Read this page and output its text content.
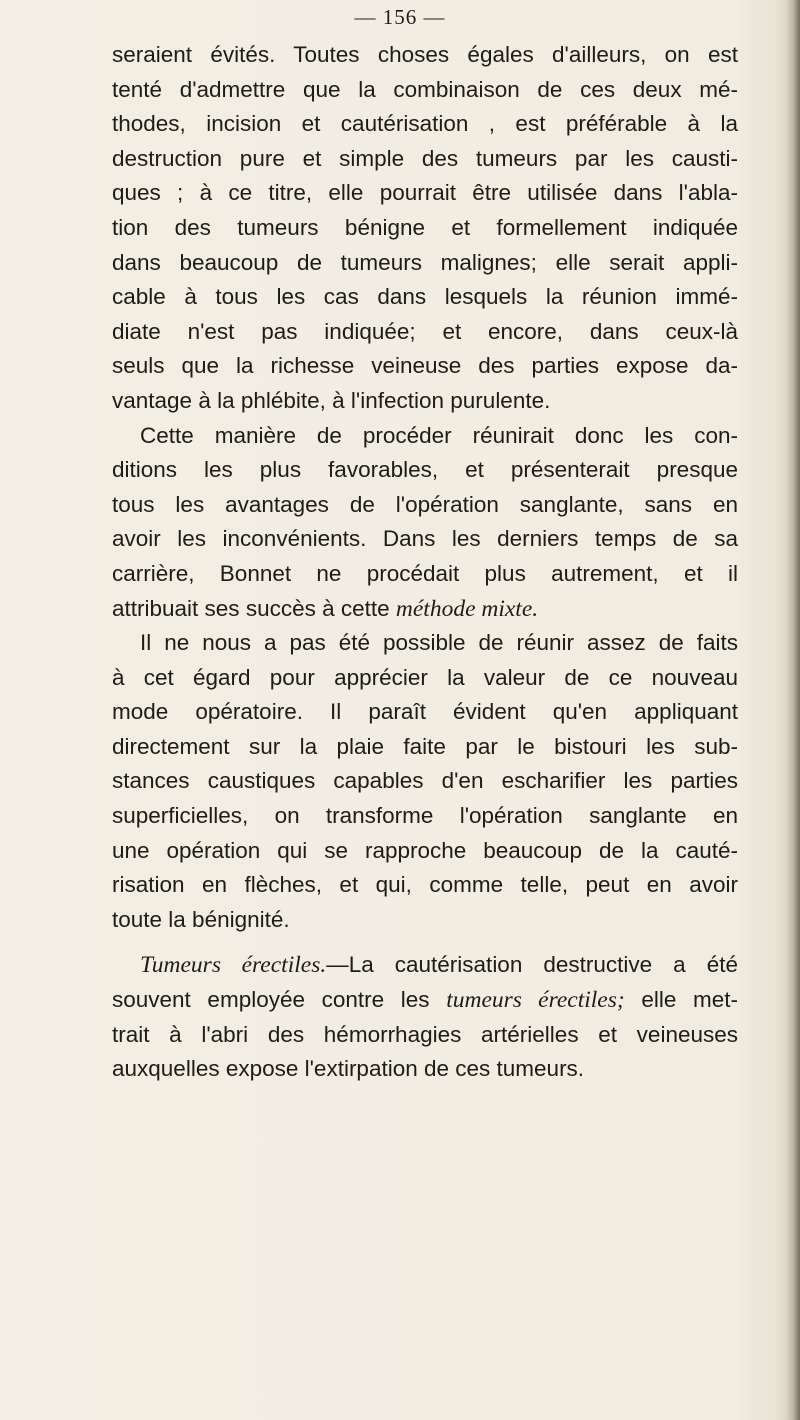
— 156 —
seraient évités. Toutes choses égales d'ailleurs, on est
tenté d'admettre que la combinaison de ces deux mé-
thodes, incision et cautérisation , est préférable à la
destruction pure et simple des tumeurs par les causti-
ques ; à ce titre, elle pourrait être utilisée dans l'abla-
tion des tumeurs bénigne et formellement indiquée
dans beaucoup de tumeurs malignes; elle serait appli-
cable à tous les cas dans lesquels la réunion immé-
diate n'est pas indiquée; et encore, dans ceux-là
seuls que la richesse veineuse des parties expose da-
vantage à la phlébite, à l'infection purulente.
Cette manière de procéder réunirait donc les con-
ditions les plus favorables, et présenterait presque
tous les avantages de l'opération sanglante, sans en
avoir les inconvénients. Dans les derniers temps de sa
carrière, Bonnet ne procédait plus autrement, et il
attribuait ses succès à cette méthode mixte.
Il ne nous a pas été possible de réunir assez de faits
à cet égard pour apprécier la valeur de ce nouveau
mode opératoire. Il paraît évident qu'en appliquant
directement sur la plaie faite par le bistouri les sub-
stances caustiques capables d'en escharifier les parties
superficielles, on transforme l'opération sanglante en
une opération qui se rapproche beaucoup de la cauté-
risation en flèches, et qui, comme telle, peut en avoir
toute la bénignité.
Tumeurs érectiles.—La cautérisation destructive a été
souvent employée contre les tumeurs érectiles; elle met-
trait à l'abri des hémorrhagies artérielles et veineuses
auxquelles expose l'extirpation de ces tumeurs.
